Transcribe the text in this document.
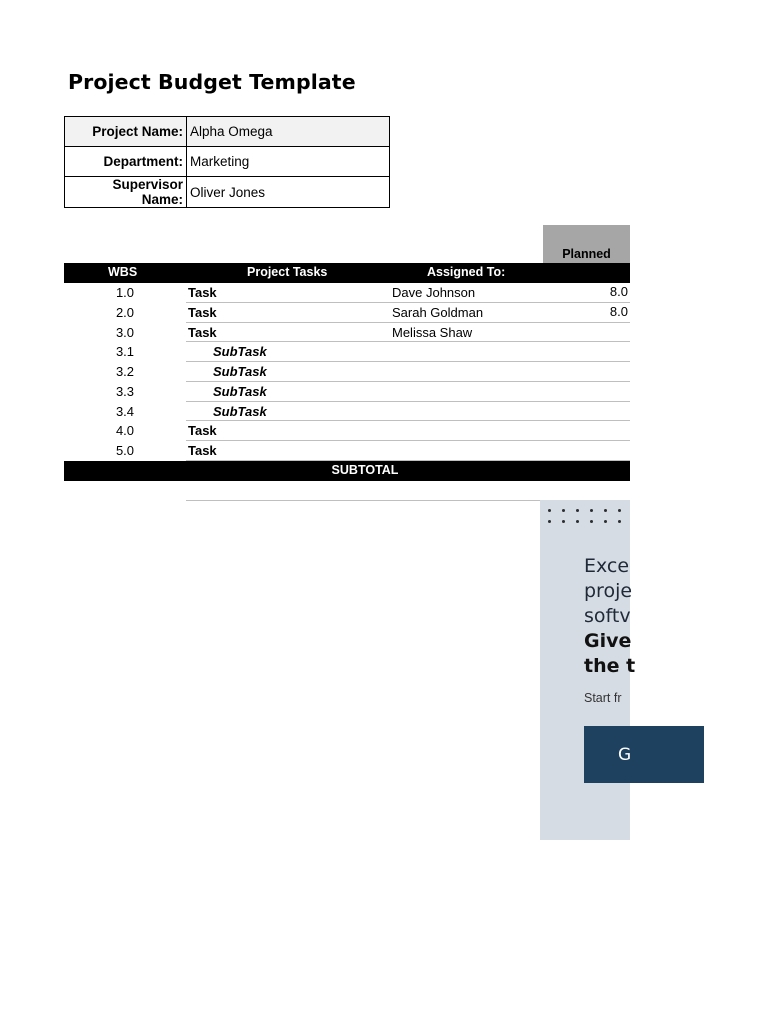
Project Budget Template
Project Name:	Alpha Omega
Department:	Marketing
Supervisor Name:	Oliver Jones
Planned
WBS	Project Tasks	Assigned To:
1.0	Task	Dave Johnson	8.0
2.0	Task	Sarah Goldman	8.0
3.0	Task	Melissa Shaw
3.1	SubTask
3.2	SubTask
3.3	SubTask
3.4	SubTask
4.0	Task
5.0	Task
SUBTOTAL
Exce
proje
softv
Give
the t
Start fr
G
